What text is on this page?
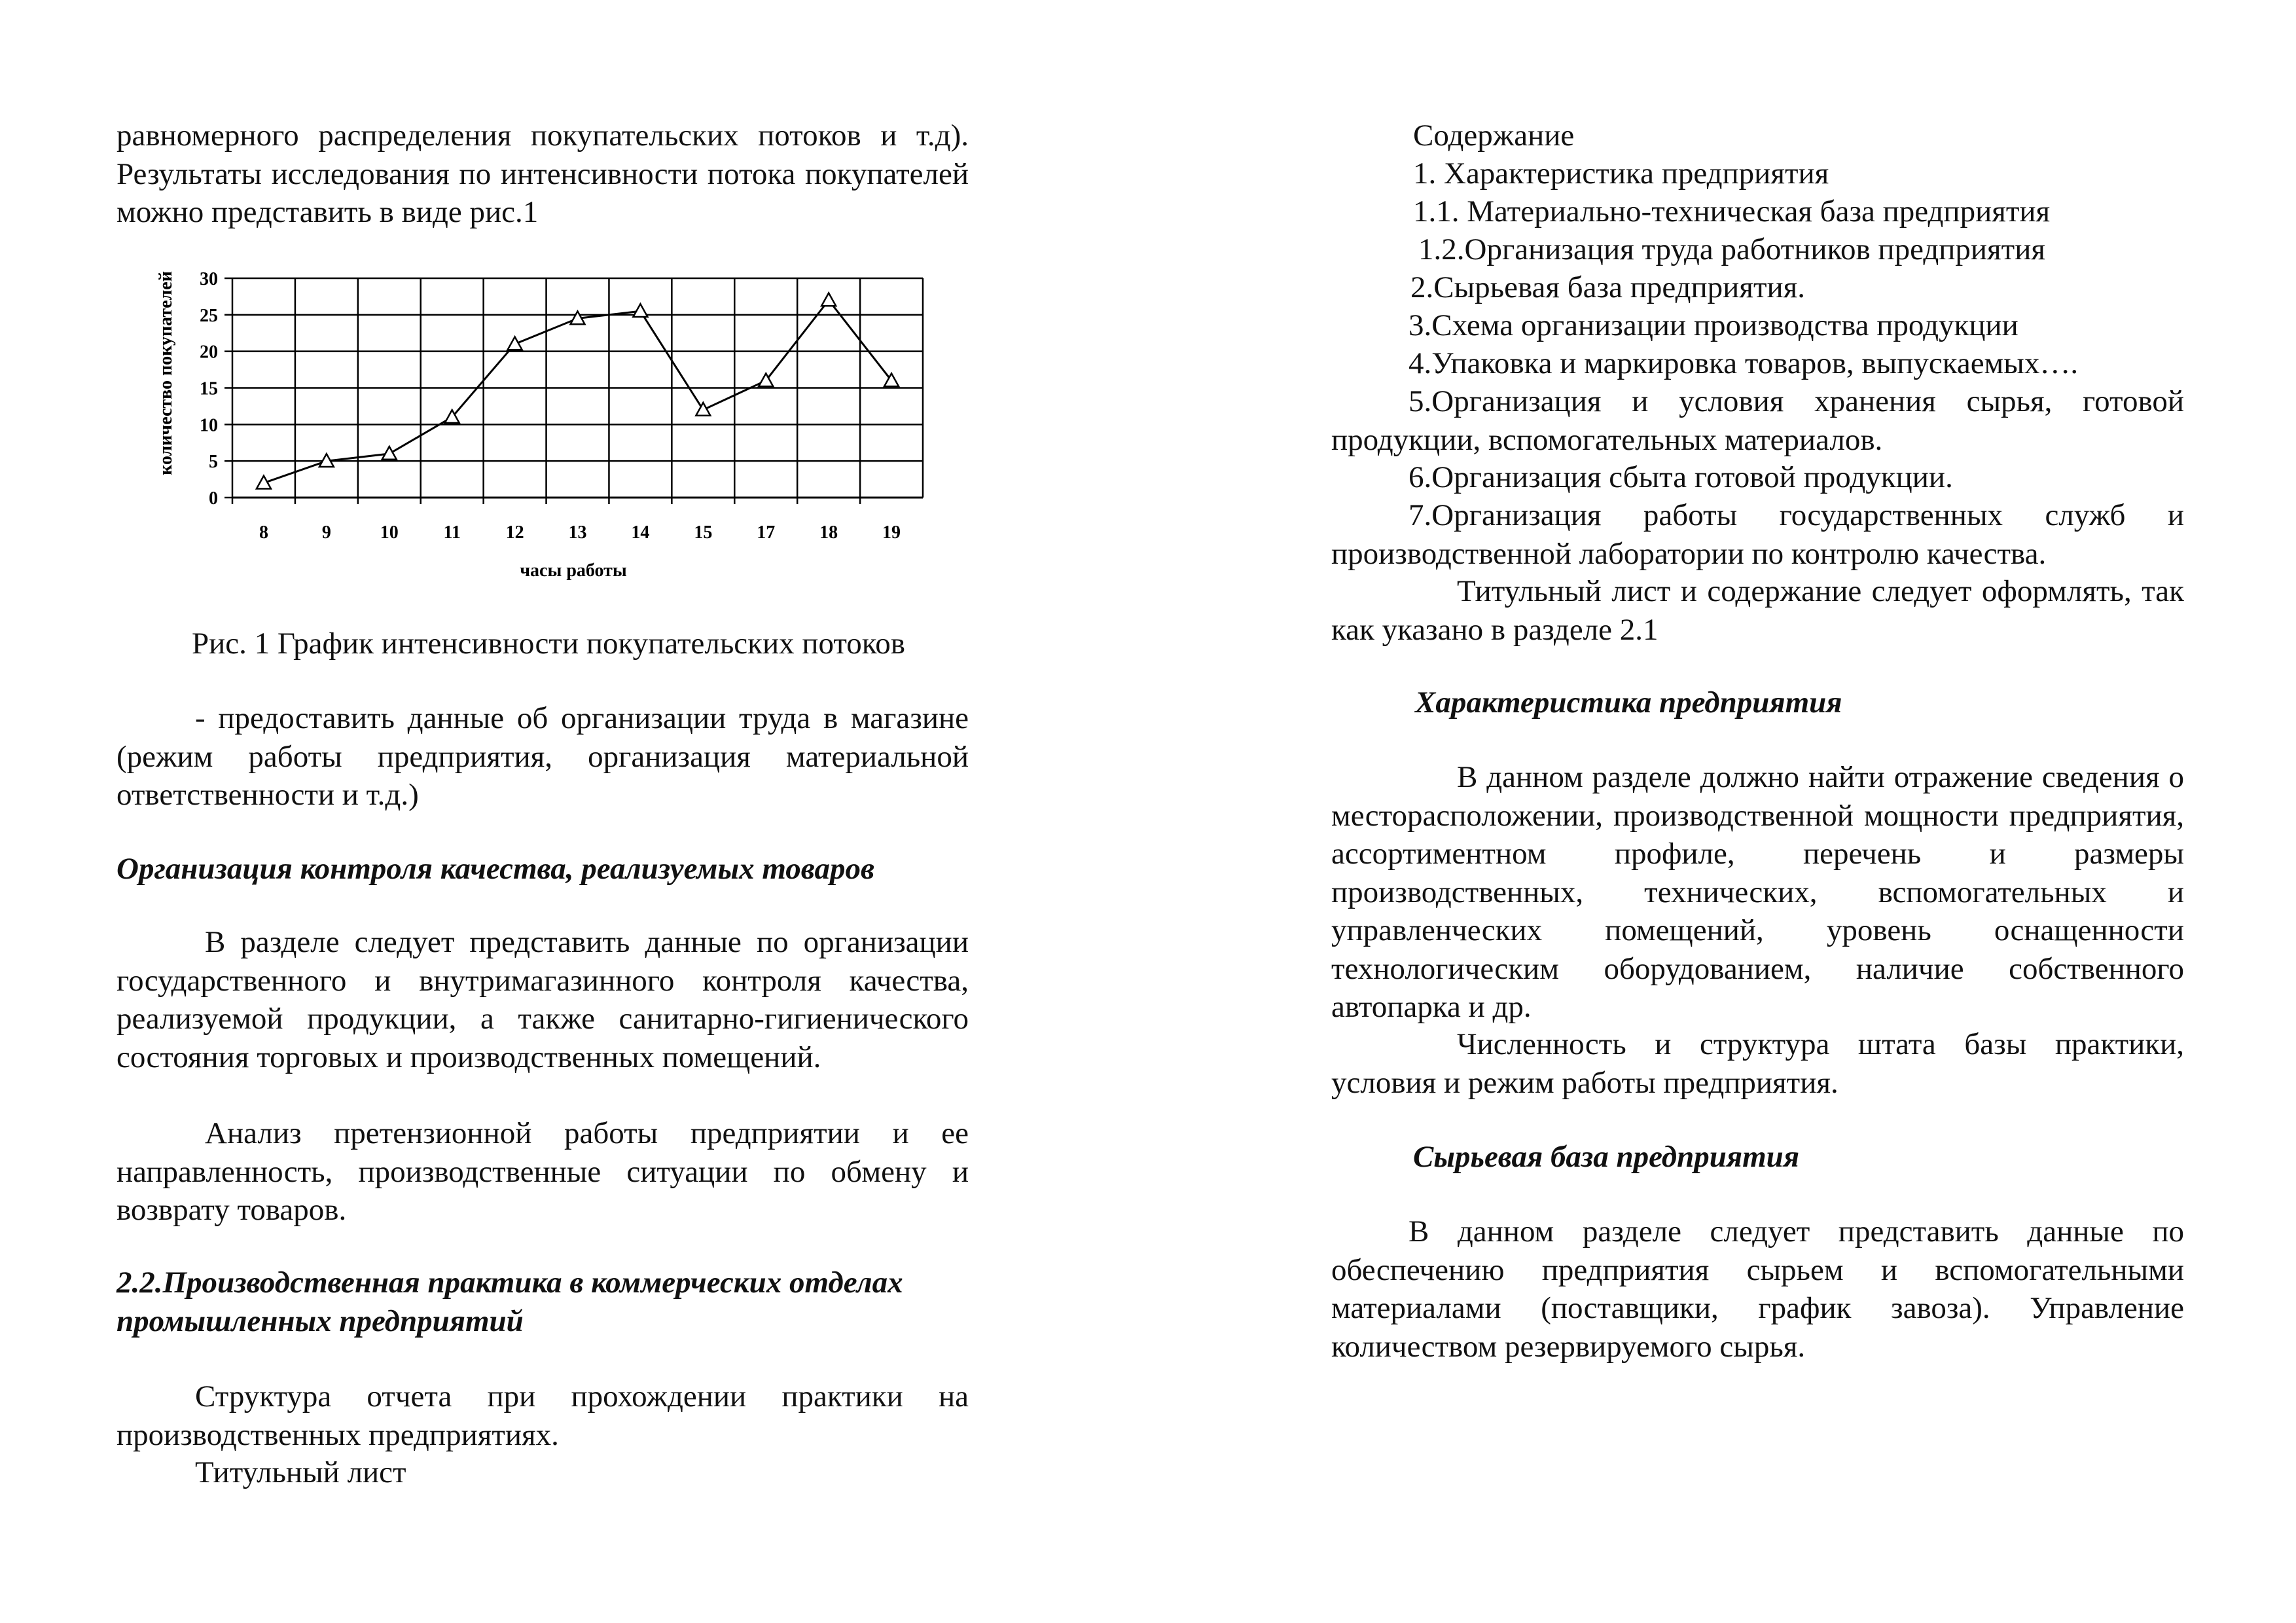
равномерного распределения покупательских потоков и т.д). Результаты исследования по интенсивности потока покупателей можно представить в виде рис.1

0
5
10
15
20
25
30
8	9	10 11 12 13 14 15 17 18 19
количество покупателей
часы работы

Рис. 1 График интенсивности покупательских потоков

- предоставить данные об организации труда в магазине (режим работы предприятия, организация материальной ответственности и т.д.)

Организация контроля качества, реализуемых товаров

В разделе следует представить данные по организации государственного и внутримагазинного контроля качества, реализуемой продукции, а также санитарно-гигиенического состояния торговых и производственных помещений.

Анализ претензионной работы предприятии и ее направленность, производственные ситуации по обмену и возврату товаров.

2.2.Производственная практика в коммерческих отделах промышленных предприятий

Структура отчета при прохождении практики на производственных предприятиях.

Титульный лист

Содержание

1. Характеристика предприятия

1.1. Материально-техническая база предприятия

1.2.Организация труда работников предприятия

2.Сырьевая база предприятия.

3.Схема организации производства продукции

4.Упаковка и маркировка товаров, выпускаемых….

5.Организация и условия хранения сырья, готовой продукции, вспомогательных материалов.

6.Организация сбыта готовой продукции.

7.Организация работы государственных служб и производственной лаборатории по контролю качества.

Титульный лист и содержание следует оформлять, так как указано в разделе 2.1

Характеристика предприятия

В данном разделе должно найти отражение сведения о месторасположении, производственной мощности предприятия, ассортиментном профиле, перечень и размеры производственных, технических, вспомогательных и управленческих помещений, уровень оснащенности технологическим оборудованием, наличие собственного автопарка и др.

Численность и структура штата базы практики, условия и режим работы предприятия.

Сырьевая база предприятия

В данном разделе следует представить данные по обеспечению предприятия сырьем и вспомогательными материалами (поставщики, график завоза). Управление количеством резервируемого сырья.
